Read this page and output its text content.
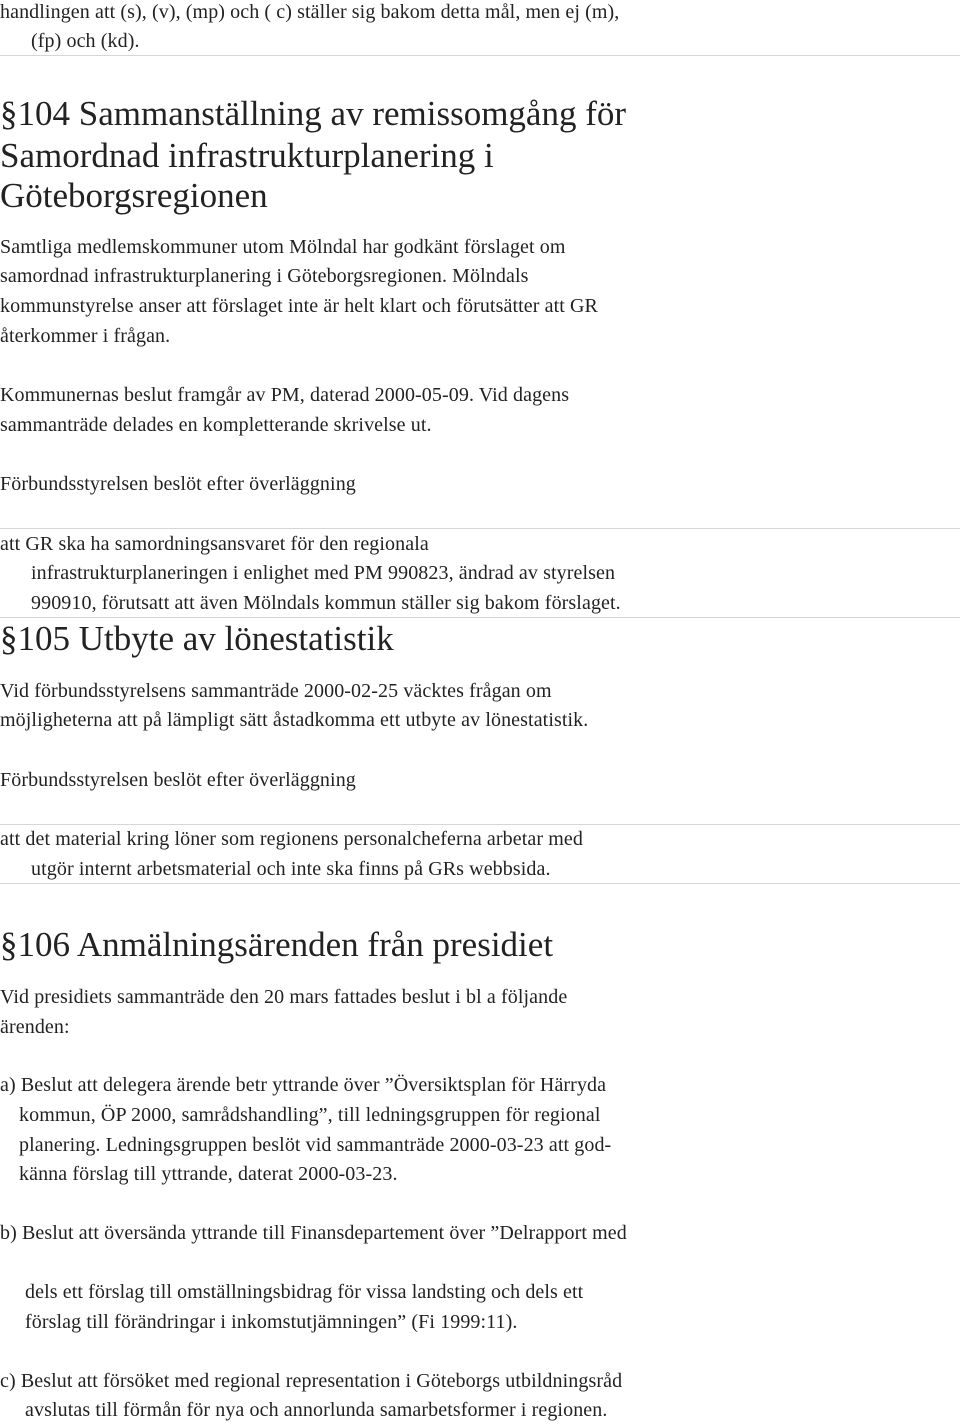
handlingen att (s), (v), (mp) och ( c) ställer sig bakom detta mål, men ej (m),
(fp) och (kd).
§104 Sammanställning av remissomgång för
Samordnad infrastrukturplanering i
Göteborgsregionen
Samtliga medlemskommuner utom Mölndal har godkänt förslaget om
samordnad infrastrukturplanering i Göteborgsregionen. Mölndals
kommunstyrelse anser att förslaget inte är helt klart och förutsätter att GR
återkommer i frågan.
Kommunernas beslut framgår av PM, daterad 2000-05-09. Vid dagens
sammanträde delades en kompletterande skrivelse ut.
Förbundsstyrelsen beslöt efter överläggning
att GR ska ha samordningsansvaret för den regionala
infrastrukturplaneringen i enlighet med PM 990823, ändrad av styrelsen
990910, förutsatt att även Mölndals kommun ställer sig bakom förslaget.
§105 Utbyte av lönestatistik
Vid förbundsstyrelsens sammanträde 2000-02-25 väcktes frågan om
möjligheterna att på lämpligt sätt åstadkomma ett utbyte av lönestatistik.
Förbundsstyrelsen beslöt efter överläggning
att det material kring löner som regionens personalcheferna arbetar med
utgör internt arbetsmaterial och inte ska finns på GRs webbsida.
§106 Anmälningsärenden från presidiet
Vid presidiets sammanträde den 20 mars fattades beslut i bl a följande
ärenden:
a) Beslut att delegera ärende betr yttrande över ”Översiktsplan för Härryda
kommun, ÖP 2000, samrådshandling”, till ledningsgruppen för regional
planering. Ledningsgruppen beslöt vid sammanträde 2000-03-23 att god-
känna förslag till yttrande, daterat 2000-03-23.
b) Beslut att översända yttrande till Finansdepartement över ”Delrapport med
dels ett förslag till omställningsbidrag för vissa landsting och dels ett
förslag till förändringar i inkomstutjämningen” (Fi 1999:11).
c) Beslut att försöket med regional representation i Göteborgs utbildningsråd
avslutas till förmån för nya och annorlunda samarbetsformer i regionen.
